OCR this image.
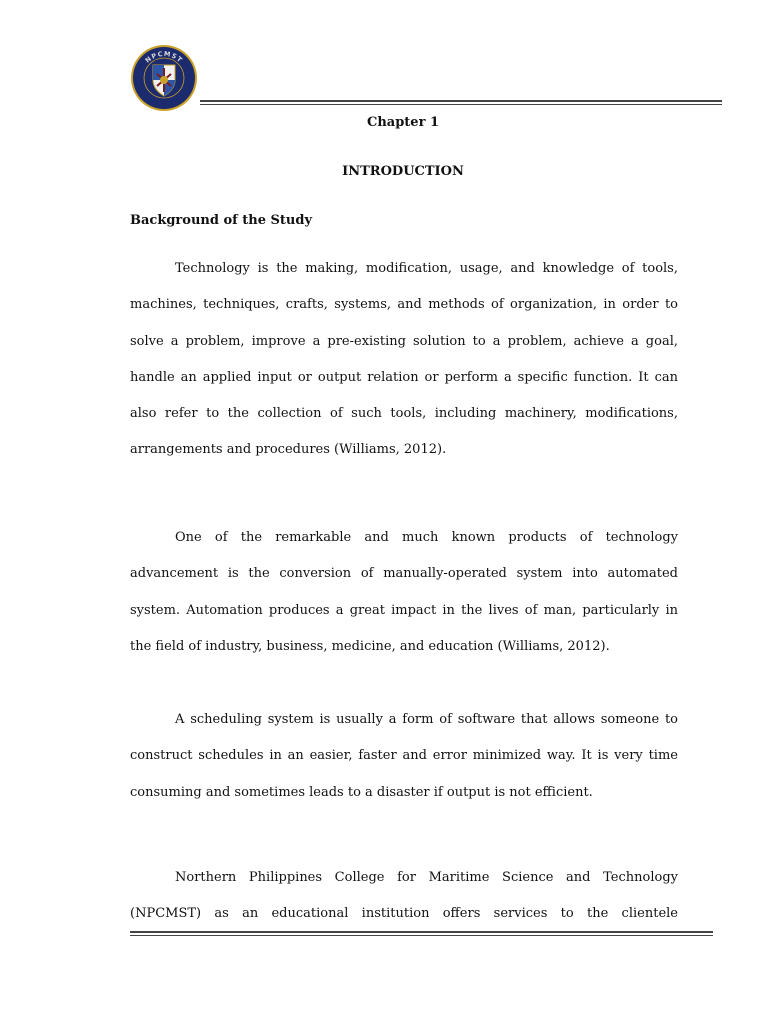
NPCMST
Chapter 1
INTRODUCTION
Background of the Study

Technology is the making, modification, usage, and knowledge of tools, machines, techniques, crafts, systems, and methods of organization, in order to solve a problem, improve a pre-existing solution to a problem, achieve a goal, handle an applied input or output relation or perform a specific function. It can also refer to the collection of such tools, including machinery, modifications, arrangements and procedures (Williams, 2012).

One of the remarkable and much known products of technology advancement is the conversion of manually-operated system into automated system. Automation produces a great impact in the lives of man, particularly in the field of industry, business, medicine, and education (Williams, 2012).

A scheduling system is usually a form of software that allows someone to construct schedules in an easier, faster and error minimized way. It is very time consuming and sometimes leads to a disaster if output is not efficient.

Northern Philippines College for Maritime Science and Technology (NPCMST) as an educational institution offers services to the clientele
